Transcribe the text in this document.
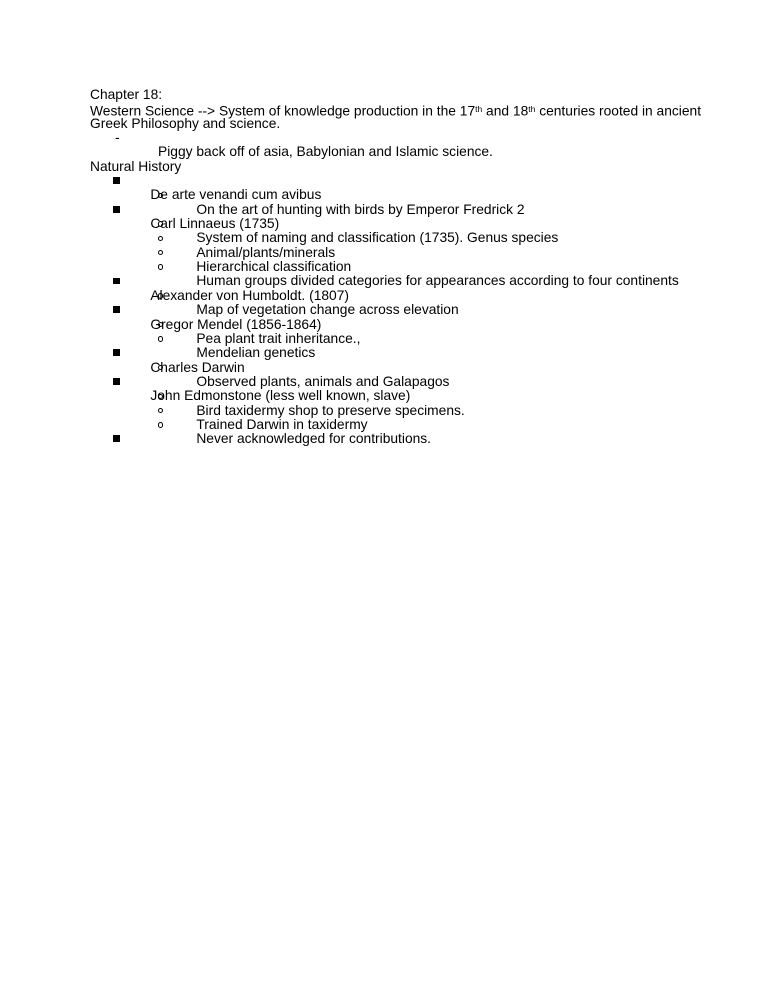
Chapter 18:
Western Science --> System of knowledge production in the 17th and 18th centuries rooted in ancient
Greek Philosophy and science.

-
Piggy back off of asia, Babylonian and Islamic science.

Natural History

De arte venandi cum avibus

On the art of hunting with birds by Emperor Fredrick 2

Carl Linnaeus (1735)

System of naming and classification (1735). Genus species

Animal/plants/minerals

Hierarchical classification

Human groups divided categories for appearances according to four continents

Alexander von Humboldt. (1807)

Map of vegetation change across elevation

Gregor Mendel (1856-1864)

Pea plant trait inheritance.,

Mendelian genetics

Charles Darwin

Observed plants, animals and Galapagos

John Edmonstone (less well known, slave)

Bird taxidermy shop to preserve specimens.

Trained Darwin in taxidermy

Never acknowledged for contributions.
